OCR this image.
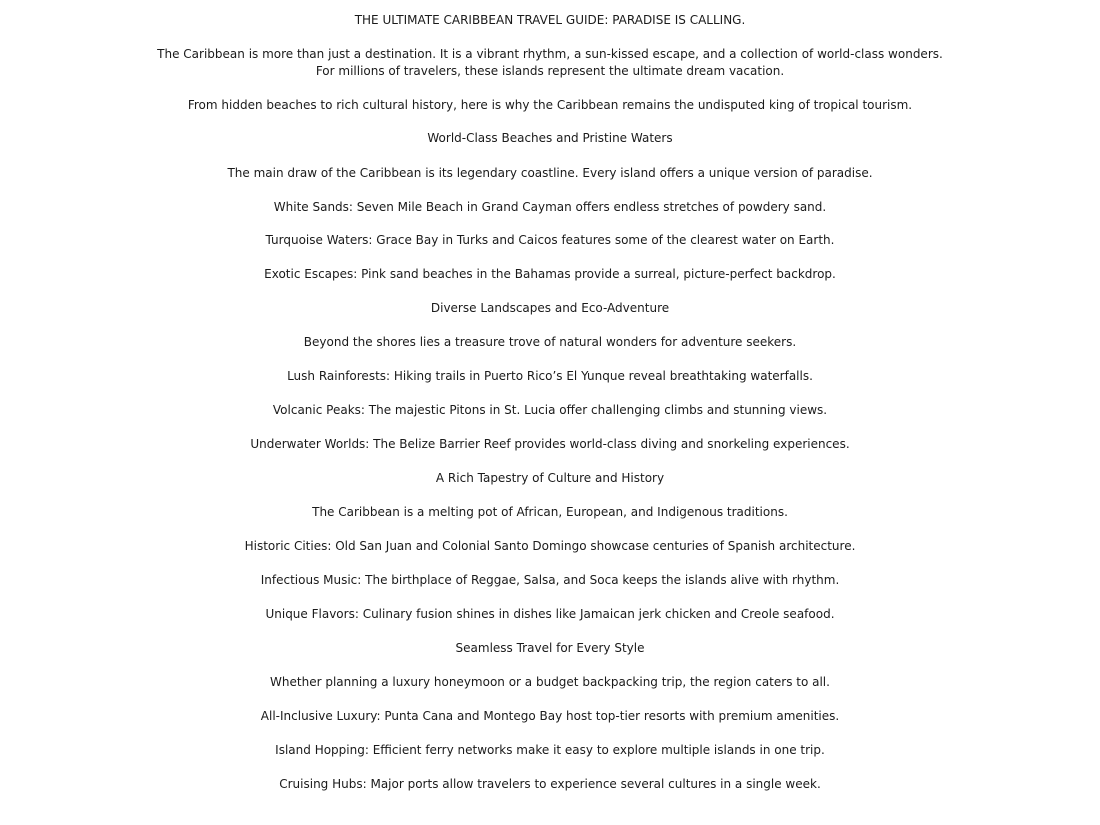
THE ULTIMATE CARIBBEAN TRAVEL GUIDE: PARADISE IS CALLING.
The Caribbean is more than just a destination. It is a vibrant rhythm, a sun-kissed escape, and a collection of world-class wonders. For millions of travelers, these islands represent the ultimate dream vacation.
From hidden beaches to rich cultural history, here is why the Caribbean remains the undisputed king of tropical tourism.
World-Class Beaches and Pristine Waters
The main draw of the Caribbean is its legendary coastline. Every island offers a unique version of paradise.
White Sands: Seven Mile Beach in Grand Cayman offers endless stretches of powdery sand.
Turquoise Waters: Grace Bay in Turks and Caicos features some of the clearest water on Earth.
Exotic Escapes: Pink sand beaches in the Bahamas provide a surreal, picture-perfect backdrop.
Diverse Landscapes and Eco-Adventure
Beyond the shores lies a treasure trove of natural wonders for adventure seekers.
Lush Rainforests: Hiking trails in Puerto Rico’s El Yunque reveal breathtaking waterfalls.
Volcanic Peaks: The majestic Pitons in St. Lucia offer challenging climbs and stunning views.
Underwater Worlds: The Belize Barrier Reef provides world-class diving and snorkeling experiences.
A Rich Tapestry of Culture and History
The Caribbean is a melting pot of African, European, and Indigenous traditions.
Historic Cities: Old San Juan and Colonial Santo Domingo showcase centuries of Spanish architecture.
Infectious Music: The birthplace of Reggae, Salsa, and Soca keeps the islands alive with rhythm.
Unique Flavors: Culinary fusion shines in dishes like Jamaican jerk chicken and Creole seafood.
Seamless Travel for Every Style
Whether planning a luxury honeymoon or a budget backpacking trip, the region caters to all.
All-Inclusive Luxury: Punta Cana and Montego Bay host top-tier resorts with premium amenities.
Island Hopping: Efficient ferry networks make it easy to explore multiple islands in one trip.
Cruising Hubs: Major ports allow travelers to experience several cultures in a single week.
